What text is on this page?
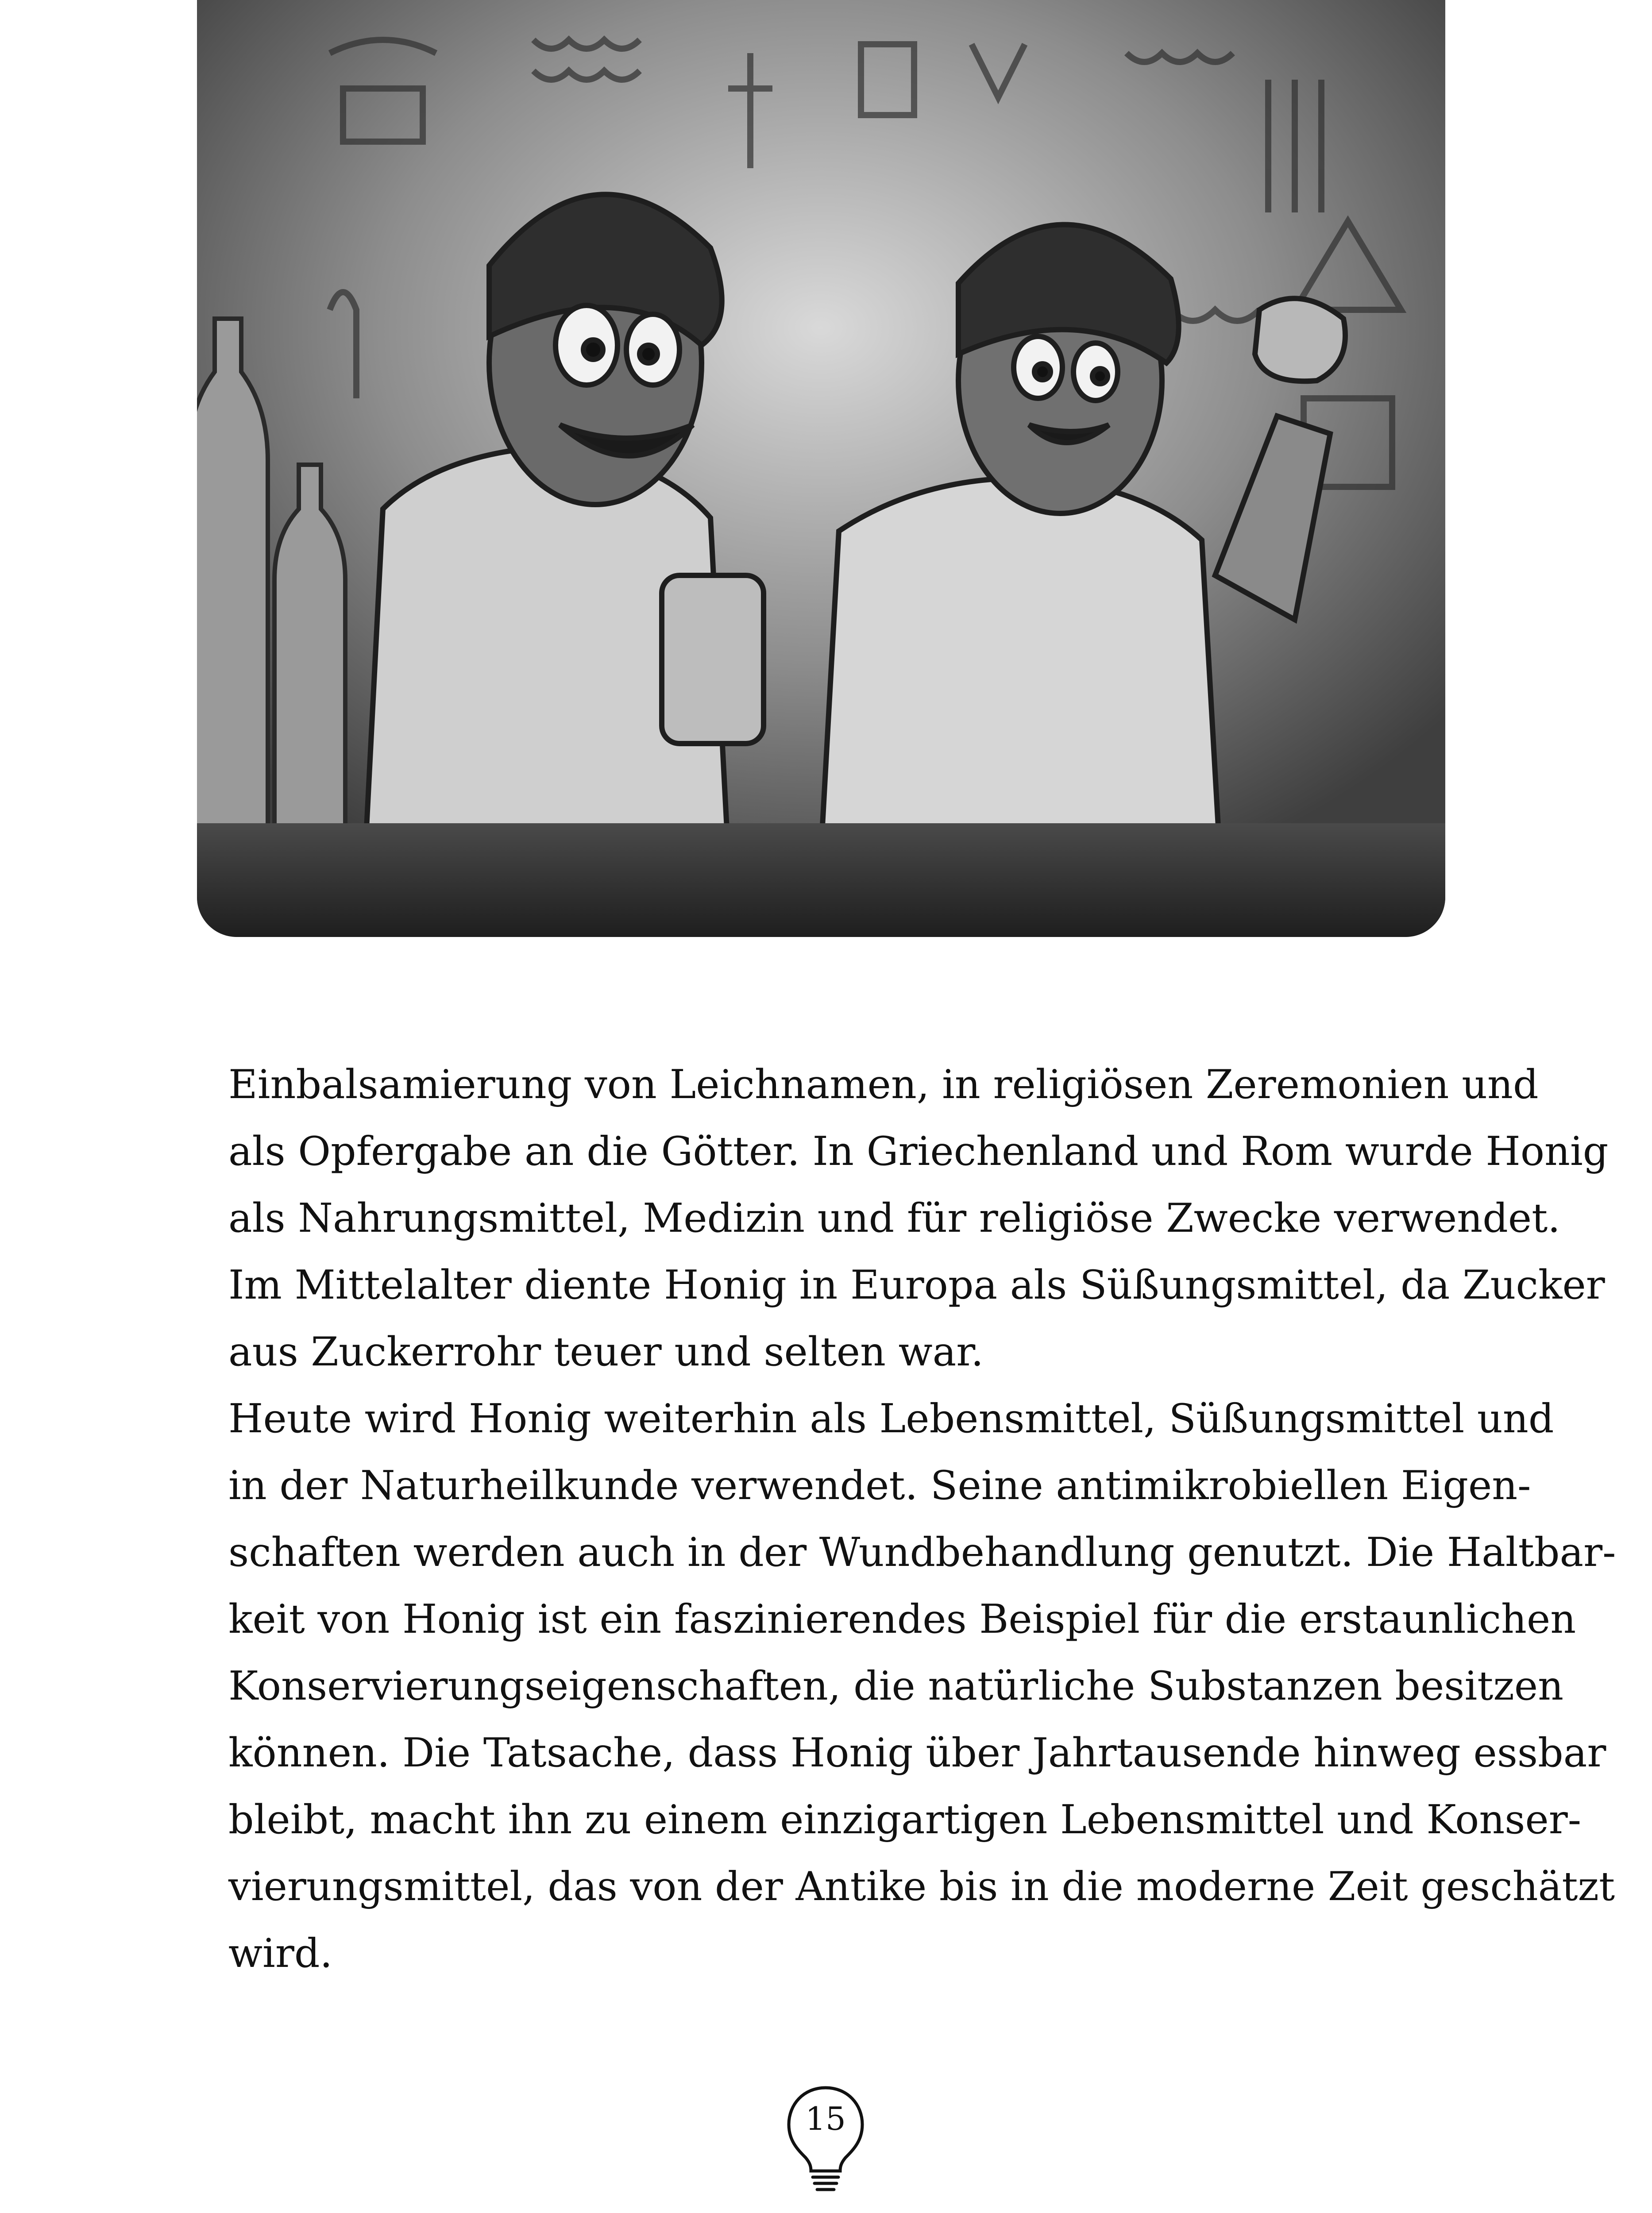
Einbalsamierung von Leichnamen, in religiösen Zeremonien und
als Opfergabe an die Götter. In Griechenland und Rom wurde Honig
als Nahrungsmittel, Medizin und für religiöse Zwecke verwendet.
Im Mittelalter diente Honig in Europa als Süßungsmittel, da Zucker
aus Zuckerrohr teuer und selten war.
Heute wird Honig weiterhin als Lebensmittel, Süßungsmittel und
in der Naturheilkunde verwendet. Seine antimikrobiellen Eigen-
schaften werden auch in der Wundbehandlung genutzt. Die Haltbar-
keit von Honig ist ein faszinierendes Beispiel für die erstaunlichen
Konservierungseigenschaften, die natürliche Substanzen besitzen
können. Die Tatsache, dass Honig über Jahrtausende hinweg essbar
bleibt, macht ihn zu einem einzigartigen Lebensmittel und Konser-
vierungsmittel, das von der Antike bis in die moderne Zeit geschätzt
wird.
15
